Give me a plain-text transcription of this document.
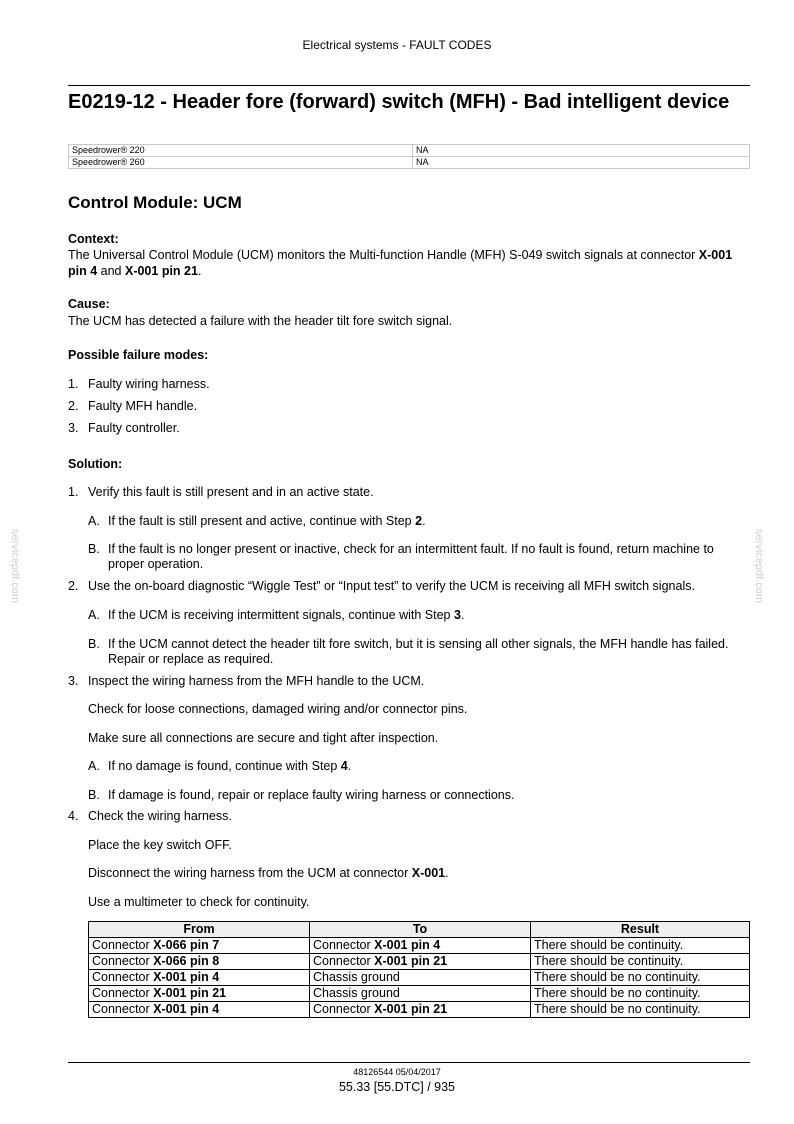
Electrical systems - FAULT CODES
E0219-12 - Header fore (forward) switch (MFH) - Bad intelligent device
Speedrower® 220	NA
Speedrower® 260	NA
Control Module: UCM
Context:
The Universal Control Module (UCM) monitors the Multi-function Handle (MFH) S-049 switch signals at connector X-001 pin 4 and X-001 pin 21.
Cause:
The UCM has detected a failure with the header tilt fore switch signal.
Possible failure modes:
1. Faulty wiring harness.
2. Faulty MFH handle.
3. Faulty controller.
Solution:
1. Verify this fault is still present and in an active state.
A. If the fault is still present and active, continue with Step 2.
B. If the fault is no longer present or inactive, check for an intermittent fault. If no fault is found, return machine to proper operation.
2. Use the on-board diagnostic “Wiggle Test” or “Input test” to verify the UCM is receiving all MFH switch signals.
A. If the UCM is receiving intermittent signals, continue with Step 3.
B. If the UCM cannot detect the header tilt fore switch, but it is sensing all other signals, the MFH handle has failed. Repair or replace as required.
3. Inspect the wiring harness from the MFH handle to the UCM.
Check for loose connections, damaged wiring and/or connector pins.
Make sure all connections are secure and tight after inspection.
A. If no damage is found, continue with Step 4.
B. If damage is found, repair or replace faulty wiring harness or connections.
4. Check the wiring harness.
Place the key switch OFF.
Disconnect the wiring harness from the UCM at connector X-001.
Use a multimeter to check for continuity.
From	To	Result
Connector X-066 pin 7	Connector X-001 pin 4	There should be continuity.
Connector X-066 pin 8	Connector X-001 pin 21	There should be continuity.
Connector X-001 pin 4	Chassis ground	There should be no continuity.
Connector X-001 pin 21	Chassis ground	There should be no continuity.
Connector X-001 pin 4	Connector X-001 pin 21	There should be no continuity.
servicepdf.com	servicepdf.com
48126544 05/04/2017
55.33 [55.DTC] / 935
